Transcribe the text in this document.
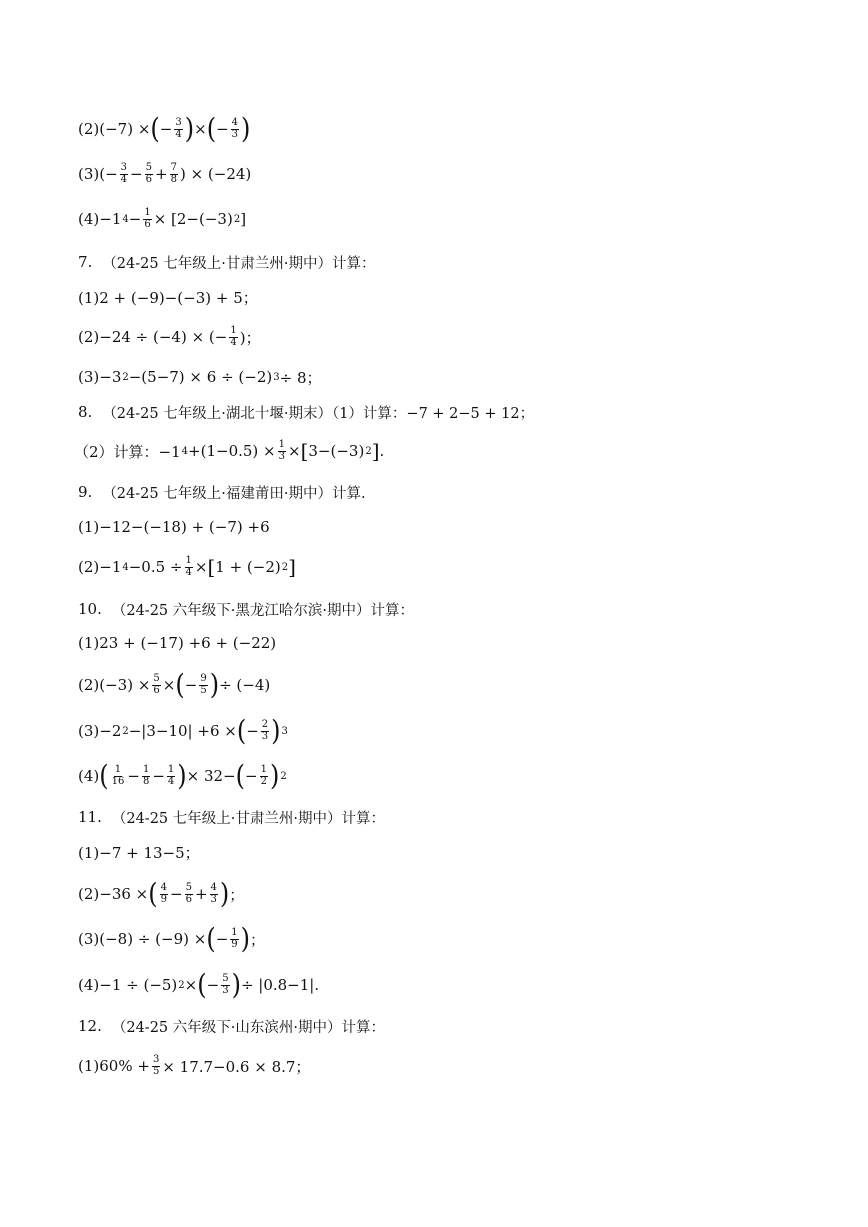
(2) (−7) × ( − $\frac{3}{4}$ ) × ( − $\frac{4}{3}$ )
(3) (− $\frac{3}{4} - \frac{5}{6} + \frac{7}{8}$ ) × (−24)
(4) −1 $4 - \frac{1}{6} \times [2-(-3)$ 2 ]
7. （24-25 七年级上·甘肃兰州·期中）计算：
(1)2 + (−9)−(−3) + 5；
(2)−24 ÷ (−4) × (− $\frac{1}{4}$ )；
(3)−3 2 −(5−7) × 6 ÷ (−2) 3 ÷ 8；
8. （24-25 七年级上·湖北十堰·期末）（1）计算：−7 + 2−5 + 12；
（2）计算：−1 $4 +(1-0.5) \times \frac{1}{3}$ × [ 3−(−3) 2 ] .
9. （24-25 七年级上·福建莆田·期中）计算.
(1)−12−(−18) + (−7) +6
(2)−1 $4 -0.5 \div \frac{1}{4}$ × [ 1 + (−2) 2 ]
10. （24-25 六年级下·黑龙江哈尔滨·期中）计算：
(1)23 + (−17) +6 + (−22)
$(2)(-3) \times \frac{5}{6}$ × ( − $\frac{9}{5}$ ) ÷ (−4)
(3)−2 2 −|3−10| +6 × ( − $\frac{2}{3}$ ) 3
(4) ( $\frac{1}{16} - \frac{1}{8} - \frac{1}{4}$ ) × 32− ( − $\frac{1}{2}$ ) 2
11. （24-25 七年级上·甘肃兰州·期中）计算：
(1)−7 + 13−5；
(2)−36 × ( $\frac{4}{9} - \frac{5}{6} + \frac{4}{3}$ ) ；
(3)(−8) ÷ (−9) × ( − $\frac{1}{9}$ ) ；
(4)−1 ÷ (−5) 2 × ( − $\frac{5}{3}$ ) ÷ |0.8−1|.
12. （24-25 六年级下·山东滨州·期中）计算：
$(1)60\% + \frac{3}{5} \times 17.7-0.6 \times 8.7$；
